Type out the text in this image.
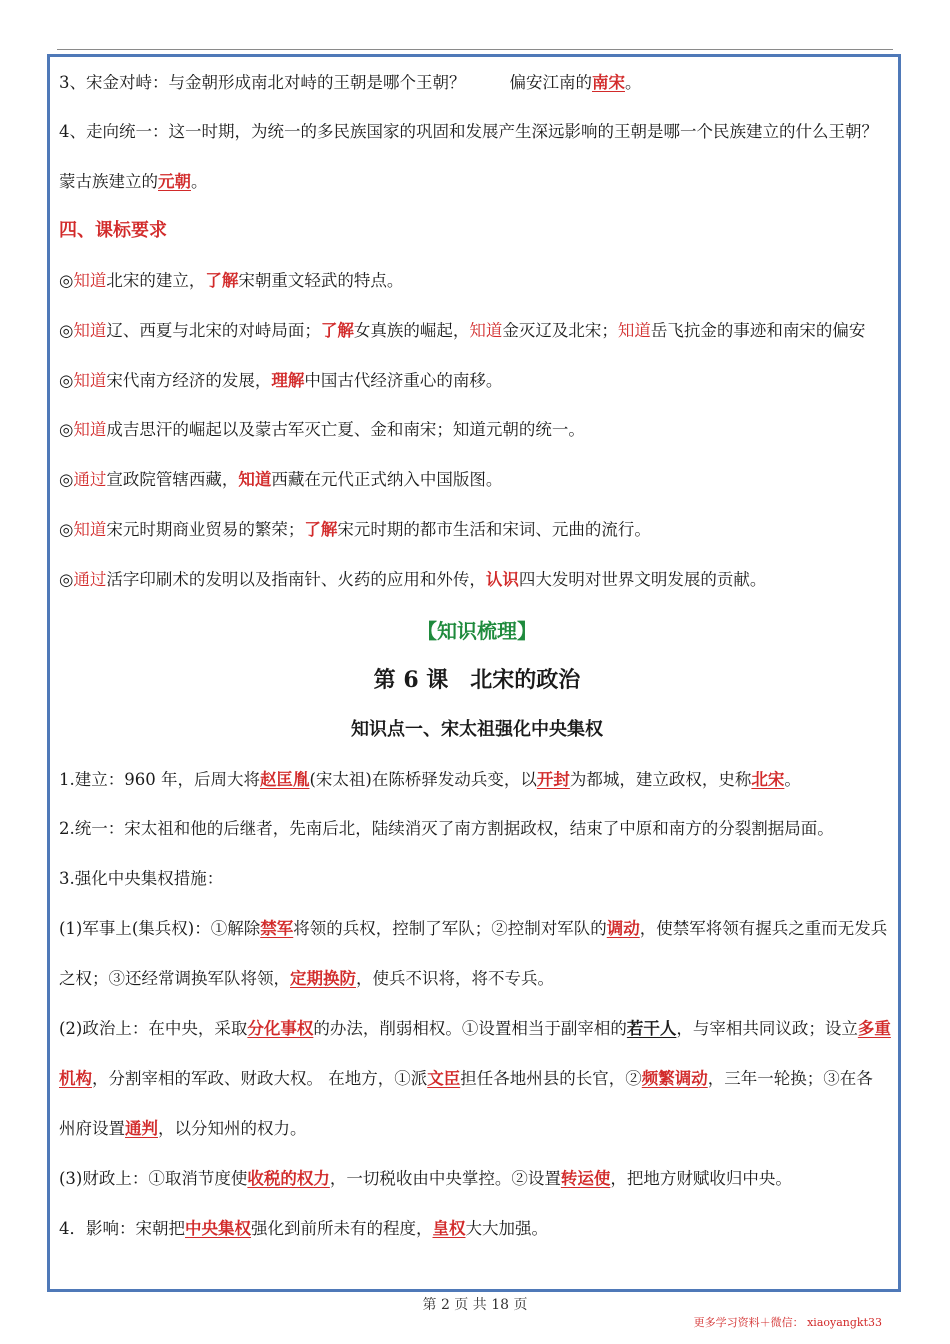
3、宋金对峙：与金朝形成南北对峙的王朝是哪个王朝？	偏安江南的南宋。
4、走向统一：这一时期，为统一的多民族国家的巩固和发展产生深远影响的王朝是哪一个民族建立的什么王朝？
蒙古族建立的元朝。
四、课标要求
◎知道北宋的建立，了解宋朝重文轻武的特点。
◎知道辽、西夏与北宋的对峙局面；了解女真族的崛起，知道金灭辽及北宋；知道岳飞抗金的事迹和南宋的偏安
◎知道宋代南方经济的发展，理解中国古代经济重心的南移。
◎知道成吉思汗的崛起以及蒙古军灭亡夏、金和南宋；知道元朝的统一。
◎通过宣政院管辖西藏，知道西藏在元代正式纳入中国版图。
◎知道宋元时期商业贸易的繁荣；了解宋元时期的都市生活和宋词、元曲的流行。
◎通过活字印刷术的发明以及指南针、火药的应用和外传，认识四大发明对世界文明发展的贡献。
【知识梳理】
第 6 课　北宋的政治
知识点一、宋太祖强化中央集权
1.建立：960 年，后周大将赵匡胤(宋太祖)在陈桥驿发动兵变，以开封为都城，建立政权，史称北宋。
2.统一：宋太祖和他的后继者，先南后北，陆续消灭了南方割据政权，结束了中原和南方的分裂割据局面。
3.强化中央集权措施：
(1)军事上(集兵权)：①解除禁军将领的兵权，控制了军队；②控制对军队的调动，使禁军将领有握兵之重而无发兵
之权；③还经常调换军队将领，定期换防，使兵不识将，将不专兵。
(2)政治上：在中央，采取分化事权的办法，削弱相权。①设置相当于副宰相的若干人，与宰相共同议政；设立多重
机构，分割宰相的军政、财政大权。 在地方，①派文臣担任各地州县的长官，②频繁调动，三年一轮换；③在各
州府设置通判，以分知州的权力。
(3)财政上：①取消节度使收税的权力，一切税收由中央掌控。②设置转运使，把地方财赋收归中央。
4．影响：宋朝把中央集权强化到前所未有的程度，皇权大大加强。
第 2 页 共 18 页
更多学习资料＋微信： xiaoyangkt33
